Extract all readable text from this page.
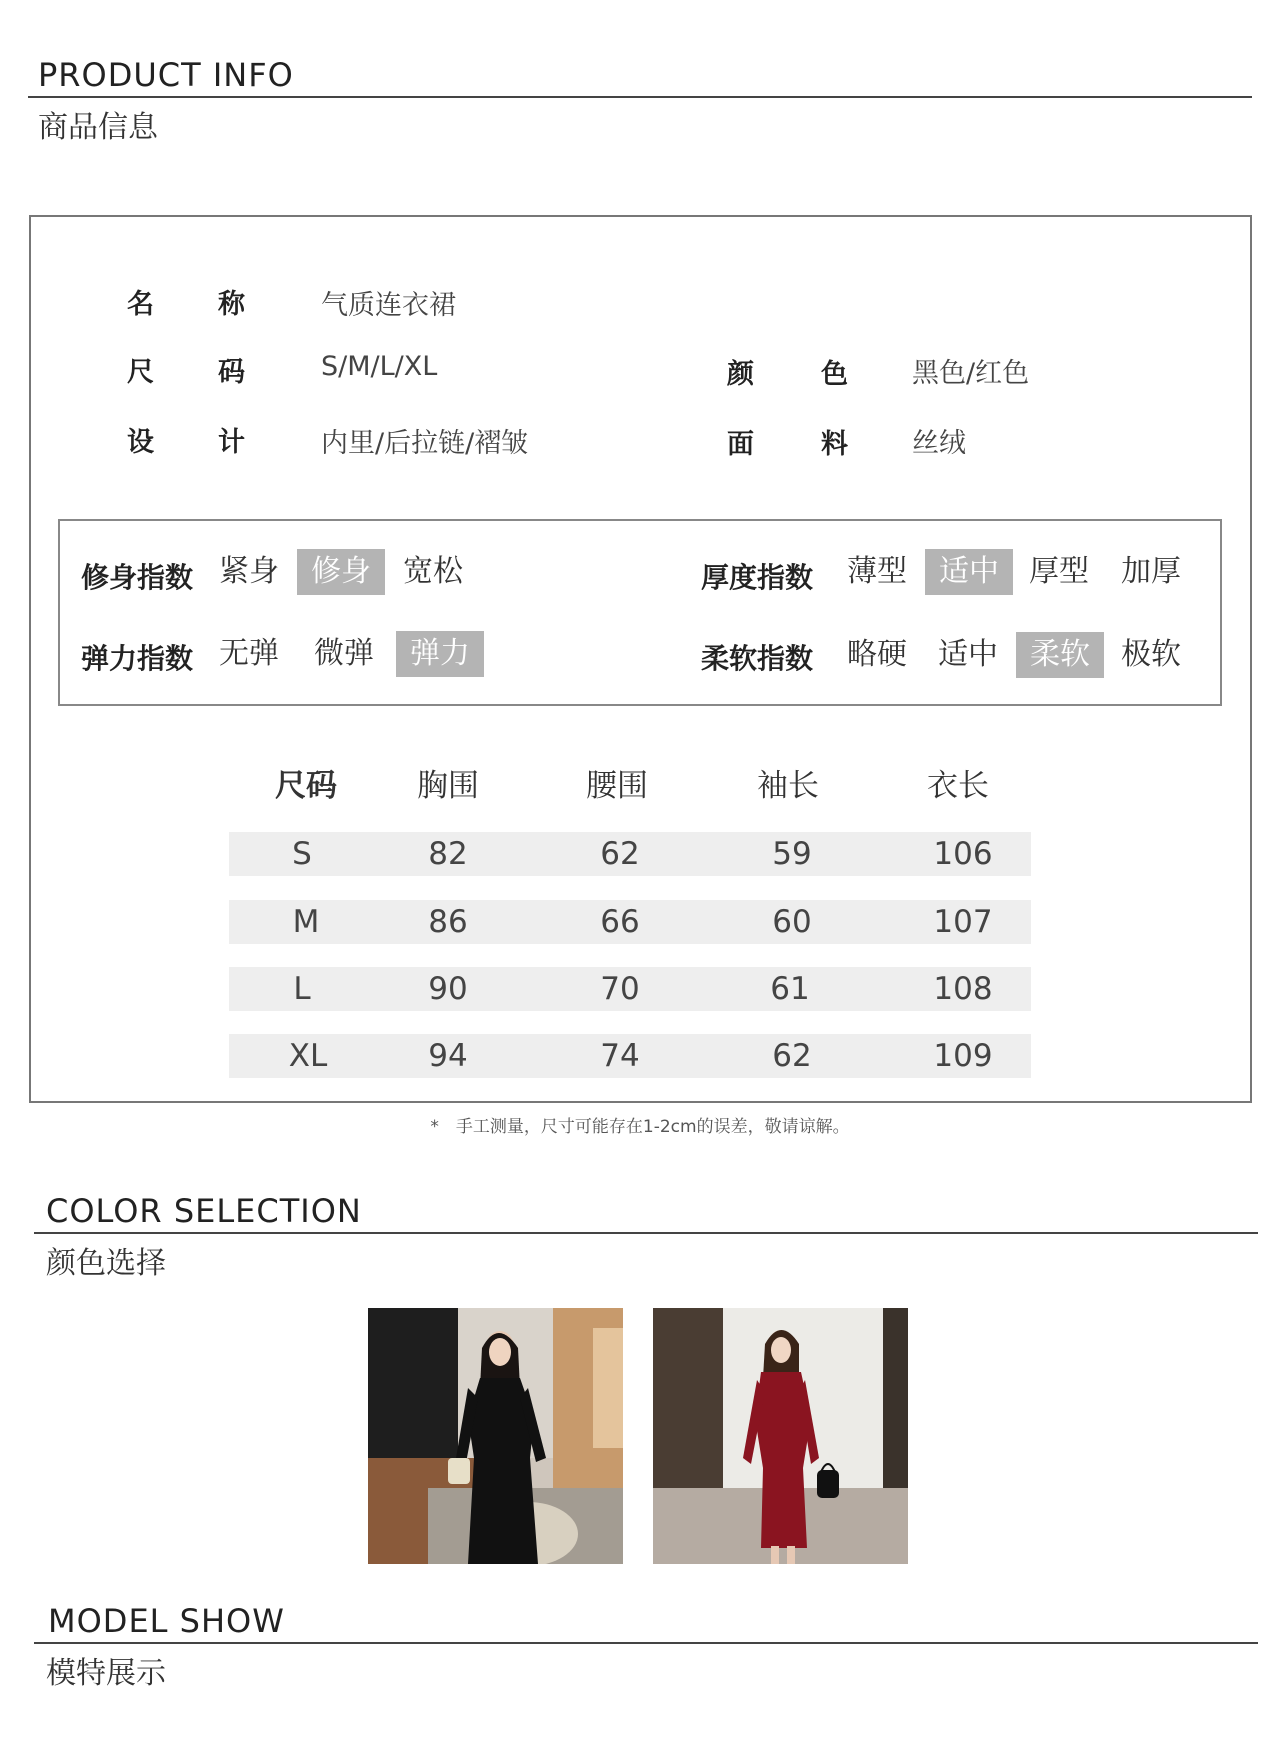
PRODUCT INFO
商品信息
名 称	气质连衣裙
尺 码	S/M/L/XL	颜 色 黑色/红色
设 计	内里/后拉链/褶皱	面 料 丝绒
修身指数 紧身	修身	宽松
弹力指数 无弹 微弹	弹力
厚度指数 薄型	适中	厚型 加厚
柔软指数 略硬 适中	柔软	极软
尺码	胸围	腰围	袖长	衣长
S	82	62	59	106
M	86	66	60	107
L	90	70	61	108
XL	94	74	62	109
*　手工测量，尺寸可能存在1-2cm的误差，敬请谅解。
COLOR SELECTION
颜色选择
MODEL SHOW
模特展示
